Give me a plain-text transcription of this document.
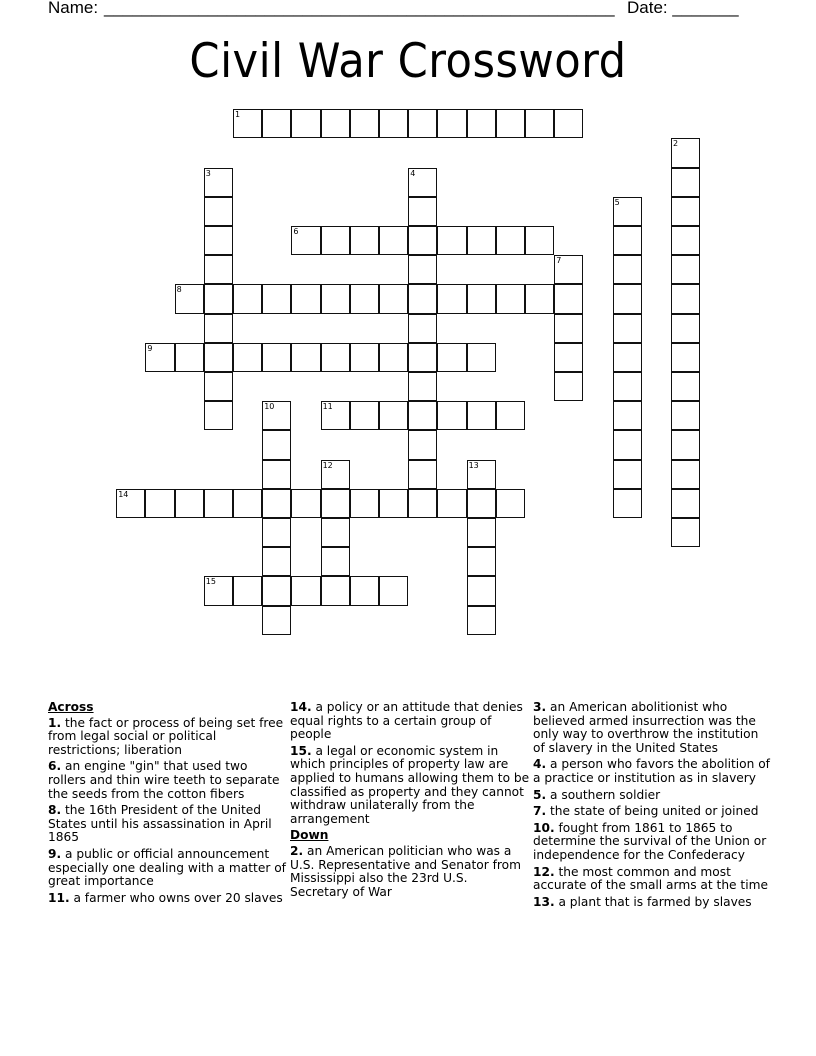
Name: ______________________________________________________ Date: _______
Civil War Crossword
1
2
3	4
5
6
7
8
9
10	11
12	13
14
15
Across
1. the fact or process of being set free from legal social or political restrictions; liberation
6. an engine "gin" that used two rollers and thin wire teeth to separate the seeds from the cotton fibers
8. the 16th President of the United States until his assassination in April 1865
9. a public or official announcement especially one dealing with a matter of great importance
11. a farmer who owns over 20 slaves
14. a policy or an attitude that denies equal rights to a certain group of people
15. a legal or economic system in which principles of property law are applied to humans allowing them to be classified as property and they cannot withdraw unilaterally from the arrangement
Down
2. an American politician who was a U.S. Representative and Senator from Mississippi also the 23rd U.S. Secretary of War
3. an American abolitionist who believed armed insurrection was the only way to overthrow the institution of slavery in the United States
4. a person who favors the abolition of a practice or institution as in slavery
5. a southern soldier
7. the state of being united or joined
10. fought from 1861 to 1865 to determine the survival of the Union or independence for the Confederacy
12. the most common and most accurate of the small arms at the time
13. a plant that is farmed by slaves
